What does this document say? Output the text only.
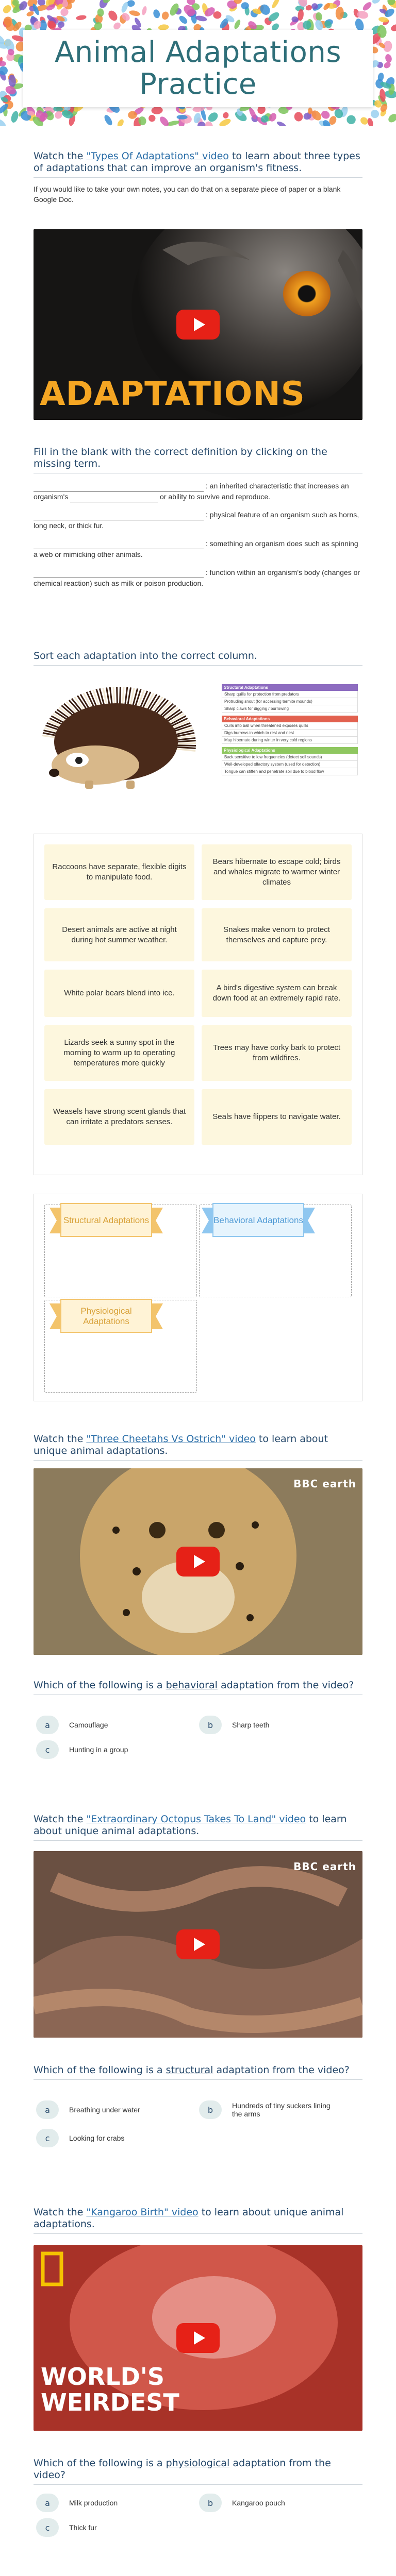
Animal Adaptations
Practice
Watch the "Types Of Adaptations" video to learn about three types of adaptations that can improve an organism's fitness.

If you would like to take your own notes, you can do that on a separate piece of paper or a blank Google Doc.

ADAPTATIONS
Fill in the blank with the correct definition by clicking on the missing term.

: an inherited characteristic that increases an organism's	or ability to survive and reproduce.

: physical feature of an organism such as horns, long neck, or thick fur.

: something an organism does such as spinning a web or mimicking other animals.

: function within an organism's body (changes or chemical reaction) such as milk or poison production.

Sort each adaptation into the correct column.
Structural Adaptations
Sharp quills for protection from predators
Protruding snout (for accessing termite mounds)
Sharp claws for digging / burrowing
Behavioral Adaptations
Curls into ball when threatened exposes quills
Digs burrows in which to rest and nest
May hibernate during winter in very cold regions
Physiological Adaptations
Back sensitive to low frequencies (detect soil sounds)
Well-developed olfactory system (used for detection)
Tongue can stiffen and penetrate soil due to blood flow
Raccoons have separate, flexible digits to manipulate food.
Bears hibernate to escape cold; birds and whales migrate to warmer winter climates
Desert animals are active at night during hot summer weather.
Snakes make venom to protect themselves and capture prey.
White polar bears blend into ice.
A bird's digestive system can break down food at an extremely rapid rate.
Lizards seek a sunny spot in the morning to warm up to operating temperatures more quickly
Trees may have corky bark to protect from wildfires.
Weasels have strong scent glands that can irritate a predators senses.
Seals have flippers to navigate water.
Structural Adaptations	Behavioral Adaptations
Physiological Adaptations
Watch the "Three Cheetahs Vs Ostrich" video to learn about unique animal adaptations.
BBC earth
Which of the following is a behavioral adaptation from the video?
a	Camouflage	b	Sharp teeth
c	Hunting in a group
Watch the "Extraordinary Octopus Takes To Land" video to learn about unique animal adaptations.
BBC earth
Which of the following is a structural adaptation from the video?
a	Breathing under water	b	Hundreds of tiny suckers lining the arms
c	Looking for crabs
Watch the "Kangaroo Birth" video to learn about unique animal adaptations.
WORLD'S WEIRDEST
Which of the following is a physiological adaptation from the video?
a	Milk production	b	Kangaroo pouch
c	Thick fur
